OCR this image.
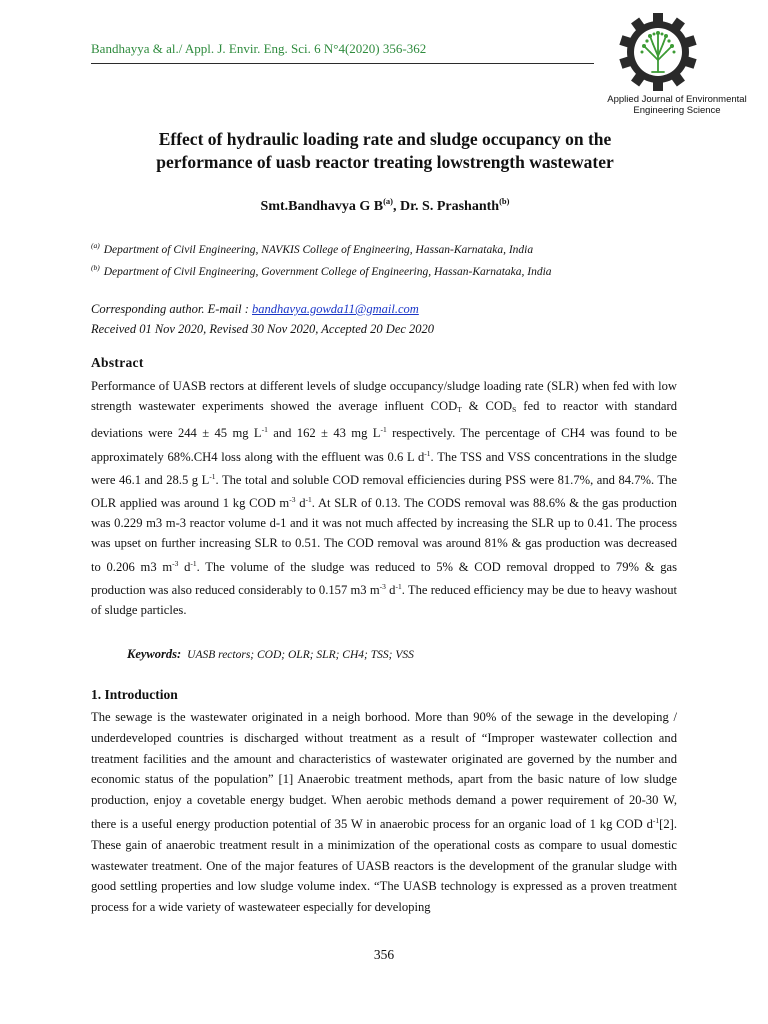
Bandhayya & al./ Appl. J. Envir. Eng. Sci. 6 N°4(2020) 356-362
Applied Journal of Environmental
Engineering Science
Effect of hydraulic loading rate and sludge occupancy on the
performance of uasb reactor treating lowstrength wastewater
Smt.Bandhavya G $B^{(a)}$, Dr. S. Prashanth$^{(b)}$
$^{(a)}$ Department of Civil Engineering, NAVKIS College of Engineering, Hassan-Karnataka, India
$^{(b)}$ Department of Civil Engineering, Government College of Engineering, Hassan-Karnataka, India
Corresponding author. E-mail : bandhavya.gowda11@gmail.com
Received 01 Nov 2020, Revised 30 Nov 2020, Accepted 20 Dec 2020
Abstract
Performance of UASB rectors at different levels of sludge occupancy/sludge loading rate (SLR) when fed with low strength wastewater experiments showed the average influent $COD_T$ & $COD_S$ fed to reactor with standard deviations were 244 ± 45 mg $L^{-1}$ and 162 ± 43 mg $L^{-1}$ respectively. The percentage of CH4 was found to be approximately 68%.CH4 loss along with the effluent was 0.6 L $d^{-1}$. The TSS and VSS concentrations in the sludge were 46.1 and 28.5 g $L^{-1}$. The total and soluble COD removal efficiencies during PSS were 81.7%, and 84.7%. The OLR applied was around 1 kg COD $m^{-3}$ $d^{-1}$. At SLR of 0.13. The CODS removal was 88.6% & the gas production was 0.229 m3 m-3 reactor volume d-1 and it was not much affected by increasing the SLR up to 0.41. The process was upset on further increasing SLR to 0.51. The COD removal was around 81% & gas production was decreased to 0.206 m3 $m^{-3}$ $d^{-1}$. The volume of the sludge was reduced to 5% & COD removal dropped to 79% & gas production was also reduced considerably to 0.157 m3 $m^{-3}$ $d^{-1}$. The reduced efficiency may be due to heavy washout of sludge particles.
Keywords: UASB rectors; COD; OLR; SLR; CH4; TSS; VSS
1. Introduction
The sewage is the wastewater originated in a neigh borhood. More than 90% of the sewage in the developing / underdeveloped countries is discharged without treatment as a result of “Improper wastewater collection and treatment facilities and the amount and characteristics of wastewater originated are governed by the number and economic status of the population” [1] Anaerobic treatment methods, apart from the basic nature of low sludge production, enjoy a covetable energy budget. When aerobic methods demand a power requirement of 20-30 W, there is a useful energy production potential of 35 W in anaerobic process for an organic load of 1 kg COD $d^{-1}[2]$. These gain of anaerobic treatment result in a minimization of the operational costs as compare to usual domestic wastewater treatment. One of the major features of UASB reactors is the development of the granular sludge with good settling properties and low sludge volume index. “The UASB technology is expressed as a proven treatment process for a wide variety of wastewateer especially for developing
356
